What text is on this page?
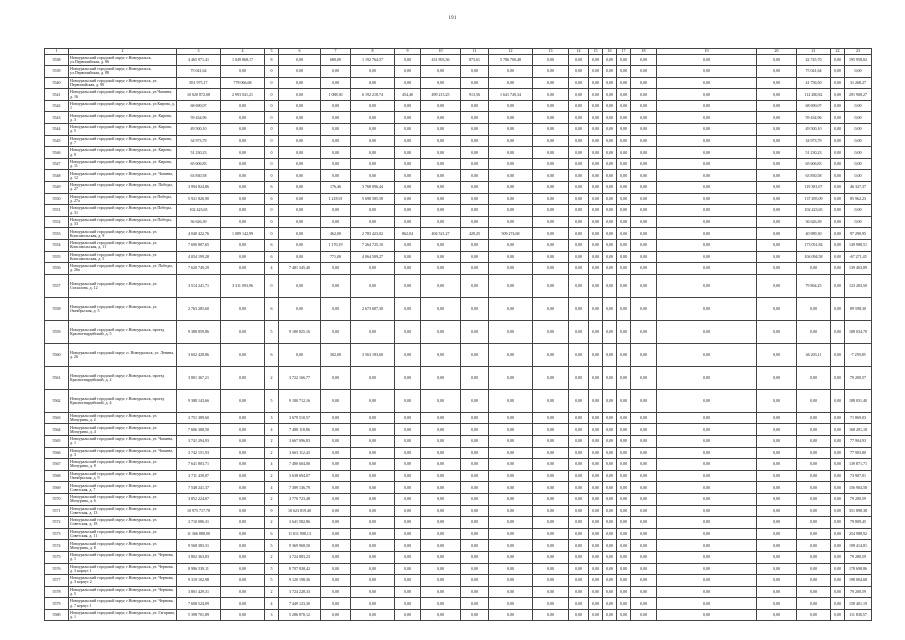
191
1	2	3	4	5	6	7	8	9	10	11	12	13	14	15	16	17	18	19	20	21	22	23
5538	Новоуральский городской округ, г.Новоуральск, ул.Первомайская, д. 86	4 465 971,41	1 049 868,17	8	0,00	680,00	1 192 764,57	0,00	431 893,36	873,61	5 786 700,48	0,00	0,00	0,00	0,00	0,00	0,00	0,00	0,00	42 745,70	0,00	195 958,02
5539	Новоуральский городской округ, г.Новоуральск, ул.Первомайская, д. 88	75 041,64	0,00	0	0,00	0,00	0,00	0,00	0,00	0,00	0,00	0,00	0,00	0,00	0,00	0,00	0,00	0,00	0,00	75 041,64	0,00	0,00
5540	Новоуральский городской округ, г.Новоуральск, ул. Первомайская, д. 90	851 975,17	778 066,68	0	0,00	0,00	0,00	0,00	0,00	0,00	0,00	0,00	0,00	0,00	0,00	0,00	0,00	0,00	0,00	41 756,50	0,00	31 268,27
5541	Новоуральский городской округ, г.Новоуральск, ул.Чапаева, д. 16	10 020 872,08	2 993 041,21	0	0,00	1 088,30	6 192 218,74	454,40	499 213,25	913,56	1 641 749,34	0,00	0,00	0,00	0,00	0,00	0,00	0,00	0,00	112 280,82	0,00	291 908,27
5542	Новоуральский городской округ, г.Новоуральск, ул.Кирова, д. 1	68 690,07	0,00	0	0,00	0,00	0,00	0,00	0,00	0,00	0,00	0,00	0,00	0,00	0,00	0,00	0,00	0,00	0,00	68 690,07	0,00	0,00
5543	Новоуральский городской округ, г.Новоуральск, ул. Кирова, д. 3	59 434,96	0,00	0	0,00	0,00	0,00	0,00	0,00	0,00	0,00	0,00	0,00	0,00	0,00	0,00	0,00	0,00	0,00	59 434,96	0,00	0,00
5544	Новоуральский городской округ, г.Новоуральск, ул. Кирова, д. 5	49 500,10	0,00	0	0,00	0,00	0,00	0,00	0,00	0,00	0,00	0,00	0,00	0,00	0,00	0,00	0,00	0,00	0,00	49 500,10	0,00	0,00
5545	Новоуральский городской округ, г.Новоуральск, ул. Кирова, д. 7	34 973,79	0,00	0	0,00	0,00	0,00	0,00	0,00	0,00	0,00	0,00	0,00	0,00	0,00	0,00	0,00	0,00	0,00	34 973,79	0,00	0,00
5546	Новоуральский городской округ, г.Новоуральск, ул. Кирова, д. 9	51 230,23	0,00	0	0,00	0,00	0,00	0,00	0,00	0,00	0,00	0,00	0,00	0,00	0,00	0,00	0,00	0,00	0,00	51 230,23	0,00	0,00
5547	Новоуральский городской округ, г.Новоуральск, ул. Кирова, д. 11	65 606,83	0,00	0	0,00	0,00	0,00	0,00	0,00	0,00	0,00	0,00	0,00	0,00	0,00	0,00	0,00	0,00	0,00	65 606,83	0,00	0,00
5548	Новоуральский городской округ, г.Новоуральск, ул. Чапаева, д. 12	63 830,58	0,00	0	0,00	0,00	0,00	0,00	0,00	0,00	0,00	0,00	0,00	0,00	0,00	0,00	0,00	0,00	0,00	63 830,58	0,00	0,00
5549	Новоуральский городской округ, г.Новоуральск, ул. Победы, д. 27	3 994 824,86	0,00	6	0,00	176,46	3 768 096,44	0,00	0,00	0,00	0,00	0,00	0,00	0,00	0,00	0,00	0,00	0,00	0,00	119 381,07	0,00	46 327,37
5550	Новоуральский городской округ, г.Новоуральск, ул.Победы, д. 27а	5 921 826,90	0,00	6	0,00	1 218,91	5 698 585,58	0,00	0,00	0,00	0,00	0,00	0,00	0,00	0,00	0,00	0,00	0,00	0,00	137 495,09	0,00	85 962,23
5551	Новоуральский городской округ, г.Новоуральск, ул.Победы, д. 31	102 423,65	0,00	0	0,00	0,00	0,00	0,00	0,00	0,00	0,00	0,00	0,00	0,00	0,00	0,00	0,00	0,00	0,00	102 423,65	0,00	0,00
5552	Новоуральский городской округ, г.Новоуральск, ул.Победы, д. 33	36 626,39	0,00	0	0,00	0,00	0,00	0,00	0,00	0,00	0,00	0,00	0,00	0,00	0,00	0,00	0,00	0,00	0,00	36 626,39	0,00	0,00
5553	Новоуральский городской округ, г.Новоуральск, ул. Комсомольская, д. 9	4 040 422,76	1 089 142,99	0	0,00	462,00	2 783 423,02	862,04	404 521,27	429,25	509 274,68	0,00	0,00	0,00	0,00	0,00	0,00	0,00	0,00	40 989,30	0,00	97 290,95
5554	Новоуральский городской округ, г.Новоуральск, ул. Комсомольская, д. 11	7 690 807,65	0,00	6	0,00	1 170,19	7 264 725,10	0,00	0,00	0,00	0,00	0,00	0,00	0,00	0,00	0,00	0,00	0,00	0,00	173 051,84	0,00	149 988,51
5555	Новоуральский городской округ, г.Новоуральск, ул. Комсомольская, д. 5	4 054 199,28	0,00	6	0,00	771,00	4 064 509,27	0,00	0,00	0,00	0,00	0,00	0,00	0,00	0,00	0,00	0,00	0,00	0,00	104 094,58	0,00	-67 271,45
5556	Новоуральский городской округ, г.Новоуральск, ул. Победы, д. 26а	7 620 749,29	0,00	4	7 481 345,40	0,00	0,00	0,00	0,00	0,00	0,00	0,00	0,00	0,00	0,00	0,00	0,00	0,00	0,00	0,00	0,00	139 403,89
5557	Новоуральский городской округ, г.Новоуральск, ул. Стахалова, д. 12	3 514 241,71	3 311 093,96	0	0,00	0,00	0,00	0,00	0,00	0,00	0,00	0,00	0,00	0,00	0,00	0,00	0,00	0,00	0,00	79 864,25	0,00	123 283,50
5558	Новоуральский городской округ, г.Новоуральск, ул. Октябрьская, д. 5	2 763 285,60	0,00	6	0,00	0,00	2 673 687,30	0,00	0,00	0,00	0,00	0,00	0,00	0,00	0,00	0,00	0,00	0,00	0,00	0,00	0,00	89 598,30
5559	Новоуральский городской округ, г.Новоуральск, проезд Красногвардейский, д. 5	9 388 859,86	0,00	5	9 180 825,16	0,00	0,00	0,00	0,00	0,00	0,00	0,00	0,00	0,00	0,00	0,00	0,00	0,00	0,00	0,00	0,00	188 034,70
5560	Новоуральский городской округ, п. Новоуральск, ул. Ленина, д. 26	3 602 428,86	0,00	6	0,00	302,00	3 563 183,60	0,00	0,00	0,00	0,00	0,00	0,00	0,00	0,00	0,00	0,00	0,00	0,00	46 203,11	0,00	-7 259,85
5561	Новоуральский городской округ, г.Новоуральск, проезд Красногвардейский, д. 2	3 801 367,21	0,00	2	3 722 166,77	0,00	0,00	0,00	0,00	0,00	0,00	0,00	0,00	0,00	0,00	0,00	0,00	0,00	0,00	0,00	0,00	79 200,57
5562	Новоуральский городской округ, г.Новоуральск, проезд Красногвардейский, д. 4	9 388 143,66	0,00	5	9 180 712,16	0,00	0,00	0,00	0,00	0,00	0,00	0,00	0,00	0,00	0,00	0,00	0,00	0,00	0,00	0,00	0,00	188 031,40
5563	Новоуральский городской округ, г.Новоуральск, ул. Мичурина, д. 2	3 751 389,60	0,00	3	3 679 510,57	0,00	0,00	0,00	0,00	0,00	0,00	0,00	0,00	0,00	0,00	0,00	0,00	0,00	0,00	0,00	0,00	71 869,03
5564	Новоуральский городской округ, г.Новоуральск, ул. Мичурина, д. 4	7 606 308,50	0,00	4	7 488 118,86	0,00	0,00	0,00	0,00	0,00	0,00	0,00	0,00	0,00	0,00	0,00	0,00	0,00	0,00	0,00	0,00	168 201,18
5565	Новоуральский городской округ, г.Новоуральск, ул. Чапаева, д. 1	3 741 294,93	0,00	2	3 667 096,83	0,00	0,00	0,00	0,00	0,00	0,00	0,00	0,00	0,00	0,00	0,00	0,00	0,00	0,00	0,00	0,00	77 904,93
5566	Новоуральский городской округ, г.Новоуральск, ул. Чапаева, д. 3	3 742 151,93	0,00	2	3 663 112,43	0,00	0,00	0,00	0,00	0,00	0,00	0,00	0,00	0,00	0,00	0,00	0,00	0,00	0,00	0,00	0,00	77 903,80
5567	Новоуральский городской округ, г.Новоуральск, ул. Мичурина, д. 8	7 641 803,71	0,00	4	7 480 604,00	0,00	0,00	0,00	0,00	0,00	0,00	0,00	0,00	0,00	0,00	0,00	0,00	0,00	0,00	0,00	0,00	139 871,71
5568	Новоуральский городской округ, г.Новоуральск, ул. Октябрьская, д. 9	3 711 439,07	0,00	2	3 638 694,07	0,00	0,00	0,00	0,00	0,00	0,00	0,00	0,00	0,00	0,00	0,00	0,00	0,00	0,00	0,00	0,00	73 907,01
5569	Новоуральский городской округ, г.Новоуральск, ул. Советская, д. 7	7 548 241,37	0,00	4	7 389 136,79	0,00	0,00	0,00	0,00	0,00	0,00	0,00	0,00	0,00	0,00	0,00	0,00	0,00	0,00	0,00	0,00	156 904,58
5570	Новоуральский городской округ, г.Новоуральск, ул. Мичурина, д. 6	3 852 224,07	0,00	2	3 770 723,48	0,00	0,00	0,00	0,00	0,00	0,00	0,00	0,00	0,00	0,00	0,00	0,00	0,00	0,00	0,00	0,00	79 200,59
5571	Новоуральский городской округ, г.Новоуральск, ул. Советская, д. 13	10 975 717,78	0,00	9	10 623 819,40	0,00	0,00	0,00	0,00	0,00	0,00	0,00	0,00	0,00	0,00	0,00	0,00	0,00	0,00	0,00	0,00	351 898,38
5572	Новоуральский городской округ, г.Новоуральск, ул. Советская, д. 18	3 710 086,31	0,00	2	3 641 582,86	0,00	0,00	0,00	0,00	0,00	0,00	0,00	0,00	0,00	0,00	0,00	0,00	0,00	0,00	0,00	0,00	79 809,45
5573	Новоуральский городской округ, г.Новоуральск, ул. Советская, д. 11	11 366 888,00	0,00	6	11 011 908,13	0,00	0,00	0,00	0,00	0,00	0,00	0,00	0,00	0,00	0,00	0,00	0,00	0,00	0,00	0,00	0,00	254 988,92
5574	Новоуральский городской округ, г.Новоуральск, ул. Мичурина, д. 8	9 568 383,31	0,00	5	9 369 968,50	0,00	0,00	0,00	0,00	0,00	0,00	0,00	0,00	0,00	0,00	0,00	0,00	0,00	0,00	0,00	0,00	198 414,81
5575	Новоуральский городской округ, г.Новоуральск, ул. Чернова, д. 1	3 802 363,83	0,00	2	3 724 883,23	0,00	0,00	0,00	0,00	0,00	0,00	0,00	0,00	0,00	0,00	0,00	0,00	0,00	0,00	0,00	0,00	79 280,59
5576	Новоуральский городской округ, г.Новоуральск, ул. Чернова, д. 3 корпус 1	8 986 539,11	0,00	5	8 707 838,42	0,00	0,00	0,00	0,00	0,00	0,00	0,00	0,00	0,00	0,00	0,00	0,00	0,00	0,00	0,00	0,00	178 698,86
5577	Новоуральский городской округ, г.Новоуральск, ул. Чернова, д. 3 корпус 2	9 319 102,98	0,00	5	9 120 198,36	0,00	0,00	0,00	0,00	0,00	0,00	0,00	0,00	0,00	0,00	0,00	0,00	0,00	0,00	0,00	0,00	198 004,68
5578	Новоуральский городской округ, г.Новоуральск, ул. Чернова, д. 5	3 801 429,31	0,00	2	3 724 228,33	0,00	0,00	0,00	0,00	0,00	0,00	0,00	0,00	0,00	0,00	0,00	0,00	0,00	0,00	0,00	0,00	79 200,59
5579	Новоуральский городской округ, г.Новоуральск, ул. Чернова, д. 7 корпус 1	7 608 524,09	0,00	4	7 449 123,30	0,00	0,00	0,00	0,00	0,00	0,00	0,00	0,00	0,00	0,00	0,00	0,00	0,00	0,00	0,00	0,00	158 401,19
5580	Новоуральский городской округ, г.Новоуральск, ул. Гагарина, д. 1	5 398 701,89	0,00	3	5 286 870,12	0,00	0,00	0,00	0,00	0,00	0,00	0,00	0,00	0,00	0,00	0,00	0,00	0,00	0,00	0,00	0,00	111 830,57
